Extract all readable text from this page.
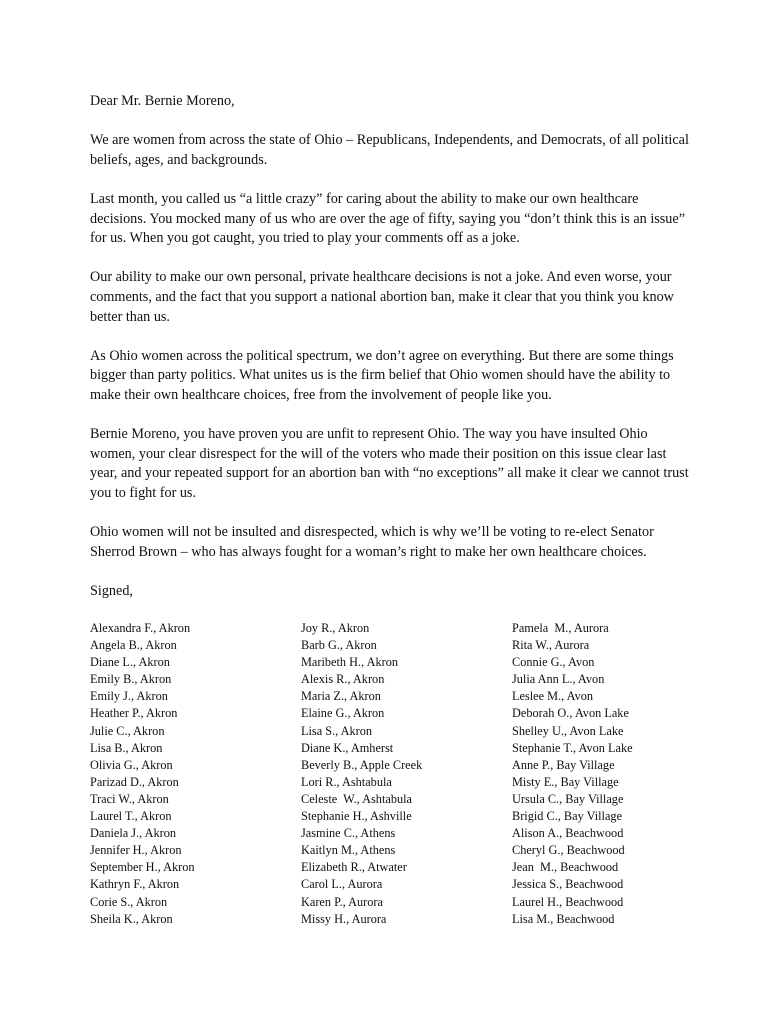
Dear Mr. Bernie Moreno,

We are women from across the state of Ohio – Republicans, Independents, and Democrats, of all political beliefs, ages, and backgrounds.

Last month, you called us “a little crazy” for caring about the ability to make our own healthcare decisions. You mocked many of us who are over the age of fifty, saying you “don’t think this is an issue” for us. When you got caught, you tried to play your comments off as a joke.

Our ability to make our own personal, private healthcare decisions is not a joke. And even worse, your comments, and the fact that you support a national abortion ban, make it clear that you think you know better than us.

As Ohio women across the political spectrum, we don’t agree on everything. But there are some things bigger than party politics. What unites us is the firm belief that Ohio women should have the ability to make their own healthcare choices, free from the involvement of people like you.

Bernie Moreno, you have proven you are unfit to represent Ohio. The way you have insulted Ohio women, your clear disrespect for the will of the voters who made their position on this issue clear last year, and your repeated support for an abortion ban with “no exceptions” all make it clear we cannot trust you to fight for us.

Ohio women will not be insulted and disrespected, which is why we’ll be voting to re-elect Senator Sherrod Brown – who has always fought for a woman’s right to make her own healthcare choices.

Signed,

Alexandra F., Akron
Angela B., Akron
Diane L., Akron
Emily B., Akron
Emily J., Akron
Heather P., Akron
Julie C., Akron
Lisa B., Akron
Olivia G., Akron
Parizad D., Akron
Traci W., Akron
Laurel T., Akron
Daniela J., Akron
Jennifer H., Akron
September H., Akron
Kathryn F., Akron
Corie S., Akron
Sheila K., Akron
Joy R., Akron
Barb G., Akron
Maribeth H., Akron
Alexis R., Akron
Maria Z., Akron
Elaine G., Akron
Lisa S., Akron
Diane K., Amherst
Beverly B., Apple Creek
Lori R., Ashtabula
Celeste  W., Ashtabula
Stephanie H., Ashville
Jasmine C., Athens
Kaitlyn M., Athens
Elizabeth R., Atwater
Carol L., Aurora
Karen P., Aurora
Missy H., Aurora
Pamela  M., Aurora
Rita W., Aurora
Connie G., Avon
Julia Ann L., Avon
Leslee M., Avon
Deborah O., Avon Lake
Shelley U., Avon Lake
Stephanie T., Avon Lake
Anne P., Bay Village
Misty E., Bay Village
Ursula C., Bay Village
Brigid C., Bay Village
Alison A., Beachwood
Cheryl G., Beachwood
Jean  M., Beachwood
Jessica S., Beachwood
Laurel H., Beachwood
Lisa M., Beachwood
